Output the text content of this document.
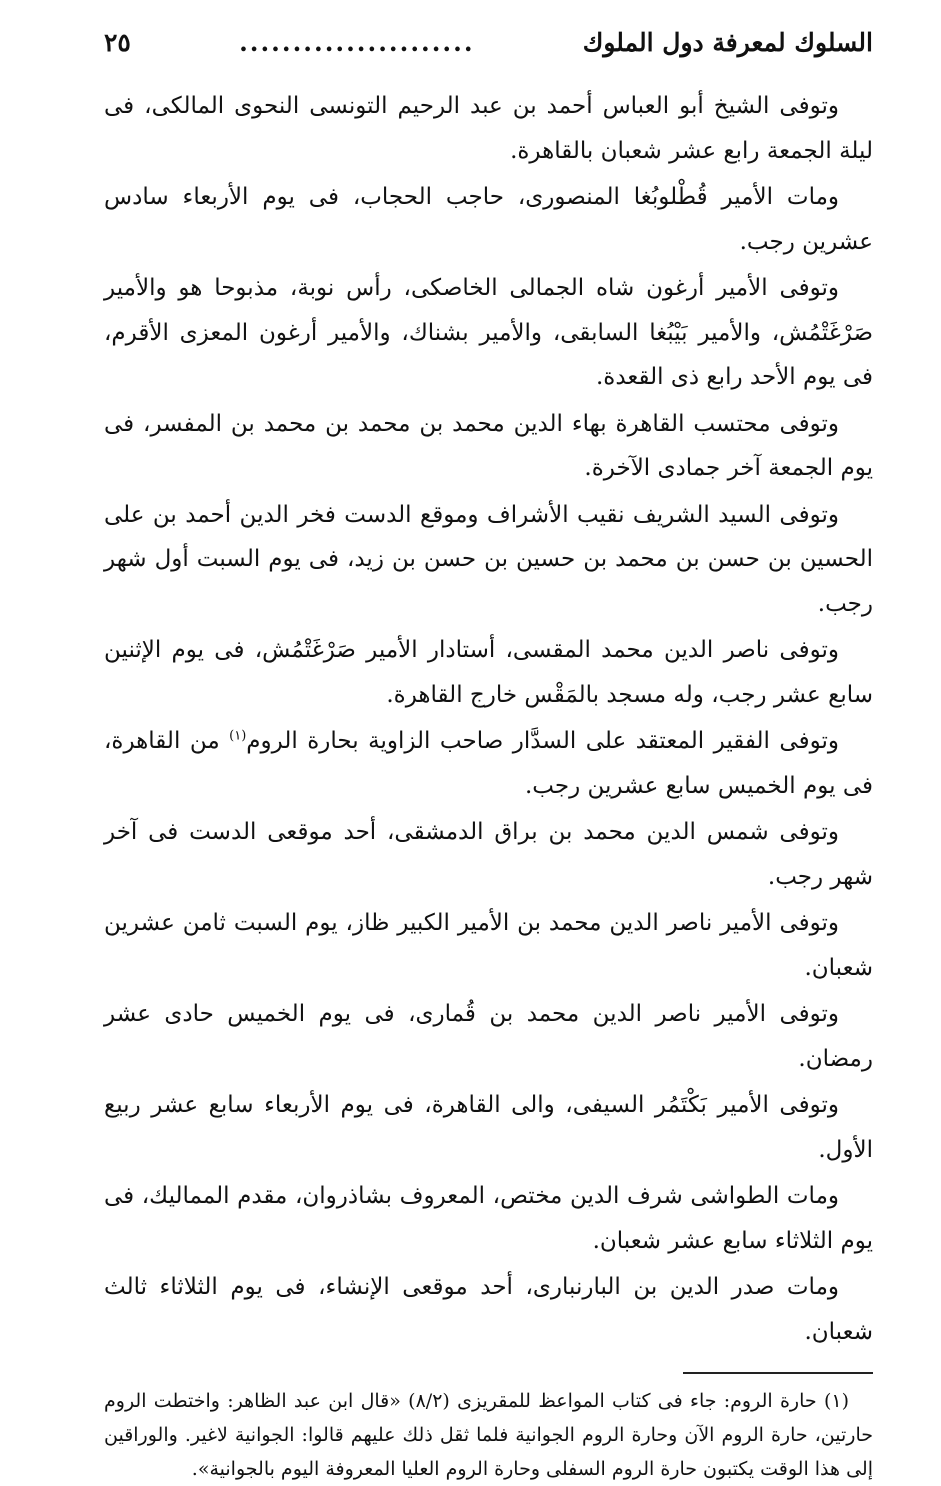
السلوك لمعرفة دول الملوك
......................
٢٥

وتوفى الشيخ أبو العباس أحمد بن عبد الرحيم التونسى النحوى المالكى، فى ليلة الجمعة رابع عشر شعبان بالقاهرة.

ومات الأمير قُطْلوبُغا المنصورى، حاجب الحجاب، فى يوم الأربعاء سادس عشرين رجب.

وتوفى الأمير أرغون شاه الجمالى الخاصكى، رأس نوبة، مذبوحا هو والأمير صَرْغَتْمُش، والأمير بَيْبُغا السابقى، والأمير بشناك، والأمير أرغون المعزى الأقرم، فى يوم الأحد رابع ذى القعدة.

وتوفى محتسب القاهرة بهاء الدين محمد بن محمد بن محمد بن المفسر، فى يوم الجمعة آخر جمادى الآخرة.

وتوفى السيد الشريف نقيب الأشراف وموقع الدست فخر الدين أحمد بن على الحسين بن حسن بن محمد بن حسين بن حسن بن زيد، فى يوم السبت أول شهر رجب.

وتوفى ناصر الدين محمد المقسى، أستادار الأمير صَرْغَتْمُش، فى يوم الإثنين سابع عشر رجب، وله مسجد بالمَقْس خارج القاهرة.

وتوفى الفقير المعتقد على السدَّار صاحب الزاوية بحارة الروم$^{(١)}$ من القاهرة، فى يوم الخميس سابع عشرين رجب.

وتوفى شمس الدين محمد بن براق الدمشقى، أحد موقعى الدست فى آخر شهر رجب.

وتوفى الأمير ناصر الدين محمد بن الأمير الكبير ظاز، يوم السبت ثامن عشرين شعبان.

وتوفى الأمير ناصر الدين محمد بن قُمارى، فى يوم الخميس حادى عشر رمضان.

وتوفى الأمير بَكْتَمُر السيفى، والى القاهرة، فى يوم الأربعاء سابع عشر ربيع الأول.

ومات الطواشى شرف الدين مختص، المعروف بشاذروان، مقدم المماليك، فى يوم الثلاثاء سابع عشر شعبان.

ومات صدر الدين بن البارنبارى، أحد موقعى الإنشاء، فى يوم الثلاثاء ثالث شعبان.

(١) حارة الروم: جاء فى كتاب المواعظ للمقريزى (٨/٢) «قال ابن عبد الظاهر: واختطت الروم حارتين، حارة الروم الآن وحارة الروم الجوانية فلما ثقل ذلك عليهم قالوا: الجوانية لاغير. والوراقين إلى هذا الوقت يكتبون حارة الروم السفلى وحارة الروم العليا المعروفة اليوم بالجوانية».
